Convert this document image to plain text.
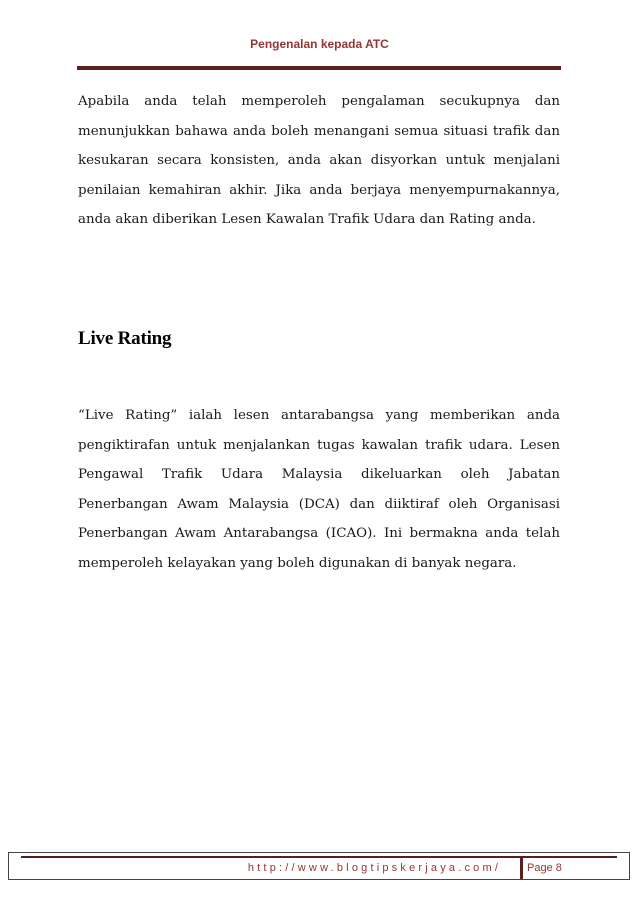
Pengenalan kepada ATC

Apabila anda telah memperoleh pengalaman secukupnya dan menunjukkan bahawa anda boleh menangani semua situasi trafik dan kesukaran secara konsisten, anda akan disyorkan untuk menjalani penilaian kemahiran akhir. Jika anda berjaya menyempurnakannya, anda akan diberikan Lesen Kawalan Trafik Udara dan Rating anda.

Live Rating

“Live Rating” ialah lesen antarabangsa yang memberikan anda pengiktirafan untuk menjalankan tugas kawalan trafik udara. Lesen Pengawal Trafik Udara Malaysia dikeluarkan oleh Jabatan Penerbangan Awam Malaysia (DCA) dan diiktiraf oleh Organisasi Penerbangan Awam Antarabangsa (ICAO). Ini bermakna anda telah memperoleh kelayakan yang boleh digunakan di banyak negara.

http://www.blogtipskerjaya.com/	Page 8
